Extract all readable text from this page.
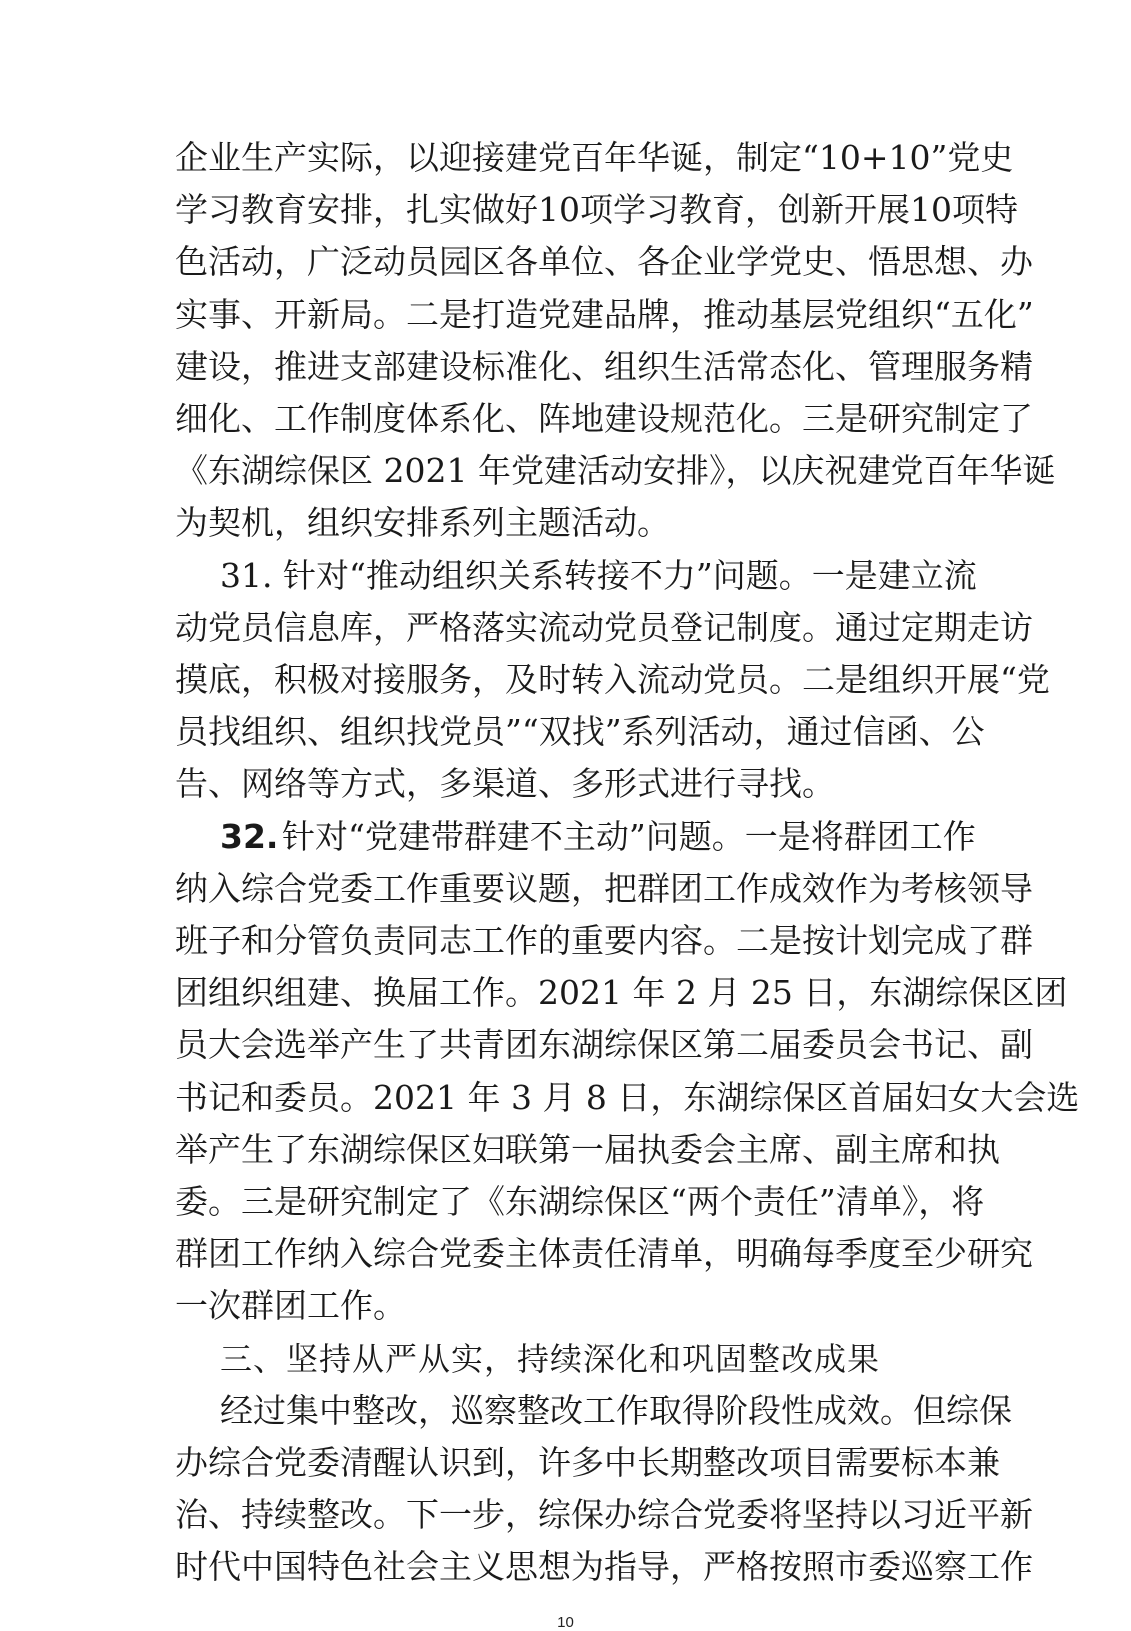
企业生产实际，以迎接建党百年华诞，制定“10+10”党史
学习教育安排，扎实做好10项学习教育，创新开展10项特
色活动，广泛动员园区各单位、各企业学党史、悟思想、办
实事、开新局。二是打造党建品牌，推动基层党组织“五化”
建设，推进支部建设标准化、组织生活常态化、管理服务精
细化、工作制度体系化、阵地建设规范化。三是研究制定了
《东湖综保区 2021 年党建活动安排》，以庆祝建党百年华诞
为契机，组织安排系列主题活动。
31. 针对“推动组织关系转接不力”问题。一是建立流
动党员信息库，严格落实流动党员登记制度。通过定期走访
摸底，积极对接服务，及时转入流动党员。二是组织开展“党
员找组织、组织找党员”“双找”系列活动，通过信函、公
告、网络等方式，多渠道、多形式进行寻找。
32. 针对“党建带群建不主动”问题。一是将群团工作
纳入综合党委工作重要议题，把群团工作成效作为考核领导
班子和分管负责同志工作的重要内容。二是按计划完成了群
团组织组建、换届工作。2021 年 2 月 25 日，东湖综保区团
员大会选举产生了共青团东湖综保区第二届委员会书记、副
书记和委员。2021 年 3 月 8 日，东湖综保区首届妇女大会选
举产生了东湖综保区妇联第一届执委会主席、副主席和执
委。三是研究制定了《东湖综保区“两个责任”清单》，将
群团工作纳入综合党委主体责任清单，明确每季度至少研究
一次群团工作。
三、坚持从严从实，持续深化和巩固整改成果
经过集中整改，巡察整改工作取得阶段性成效。但综保
办综合党委清醒认识到，许多中长期整改项目需要标本兼
治、持续整改。下一步，综保办综合党委将坚持以习近平新
时代中国特色社会主义思想为指导，严格按照市委巡察工作
10
